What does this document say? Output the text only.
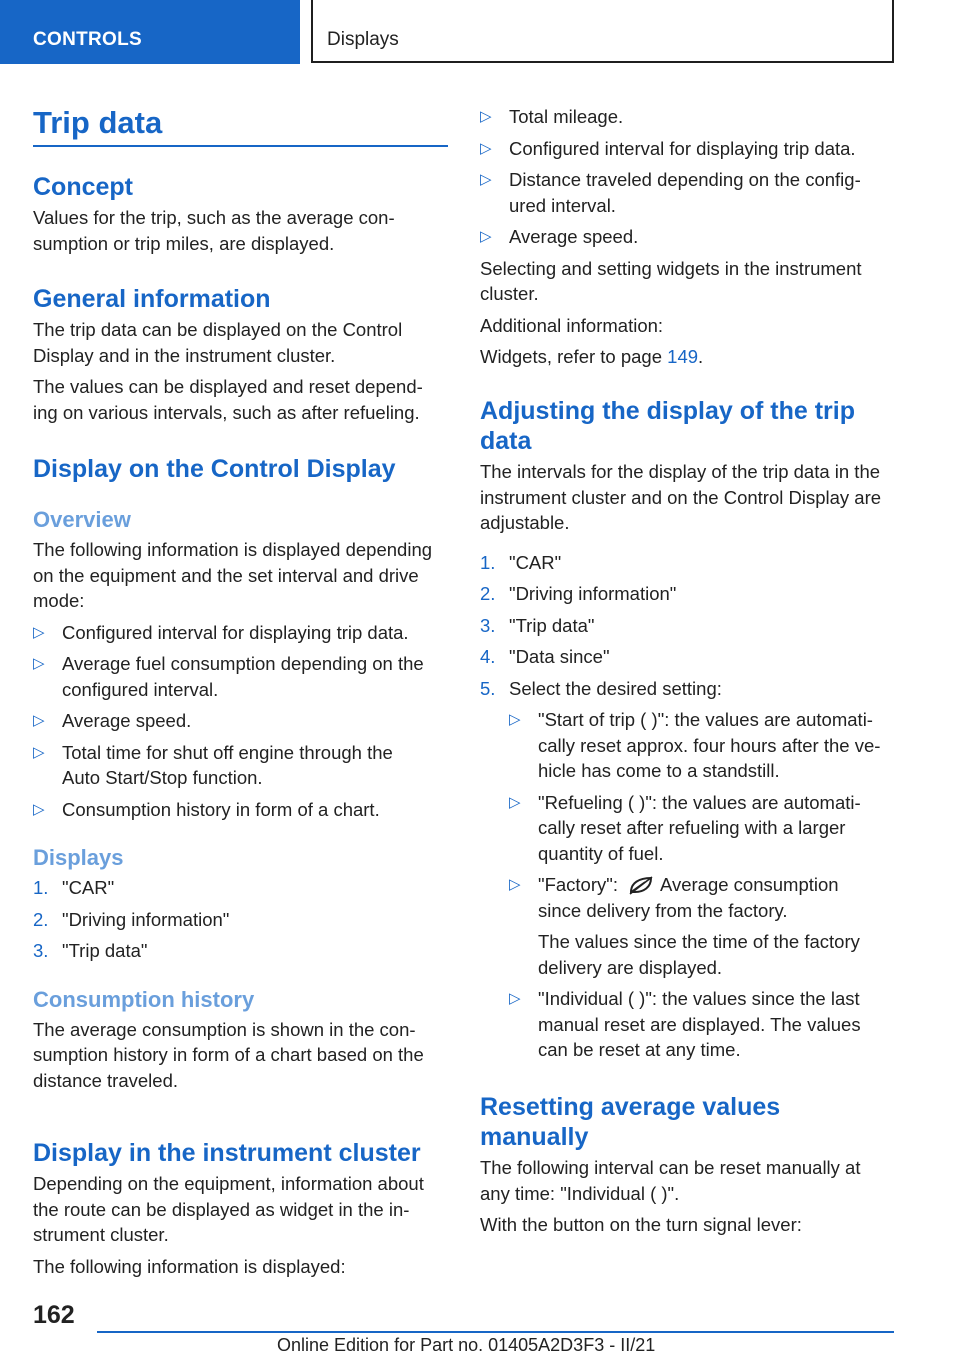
CONTROLS	Displays
Trip data
Concept

Values for the trip, such as the average con-
sumption or trip miles, are displayed.

General information

The trip data can be displayed on the Control
Display and in the instrument cluster.

The values can be displayed and reset depend-
ing on various intervals, such as after refueling.

Display on the Control Display
Overview

The following information is displayed depending
on the equipment and the set interval and drive
mode:

▷ Configured interval for displaying trip data.
▷ Average fuel consumption depending on the
configured interval.
▷ Average speed.
▷ Total time for shut off engine through the
Auto Start/Stop function.
▷ Consumption history in form of a chart.
Displays
1. "CAR"
2. "Driving information"
3. "Trip data"
Consumption history

The average consumption is shown in the con-
sumption history in form of a chart based on the
distance traveled.

Display in the instrument cluster

Depending on the equipment, information about
the route can be displayed as widget in the in-
strument cluster.

The following information is displayed:

▷ Total mileage.
▷ Configured interval for displaying trip data.
▷ Distance traveled depending on the config-
ured interval.
▷ Average speed.

Selecting and setting widgets in the instrument
cluster.

Additional information:

Widgets, refer to page 149.

Adjusting the display of the trip
data

The intervals for the display of the trip data in the
instrument cluster and on the Control Display are
adjustable.

1. "CAR"
2. "Driving information"
3. "Trip data"
4. "Data since"
5. Select the desired setting:
▷ "Start of trip ( )": the values are automati-
cally reset approx. four hours after the ve-
hicle has come to a standstill.
▷ "Refueling ( )": the values are automati-
cally reset after refueling with a larger
quantity of fuel.
▷ "Factory": Average consumption
since delivery from the factory.
The values since the time of the factory
delivery are displayed.
▷ "Individual ( )": the values since the last
manual reset are displayed. The values
can be reset at any time.
Resetting average values
manually

The following interval can be reset manually at
any time: "Individual ( )".

With the button on the turn signal lever:

162
Online Edition for Part no. 01405A2D3F3 - II/21
